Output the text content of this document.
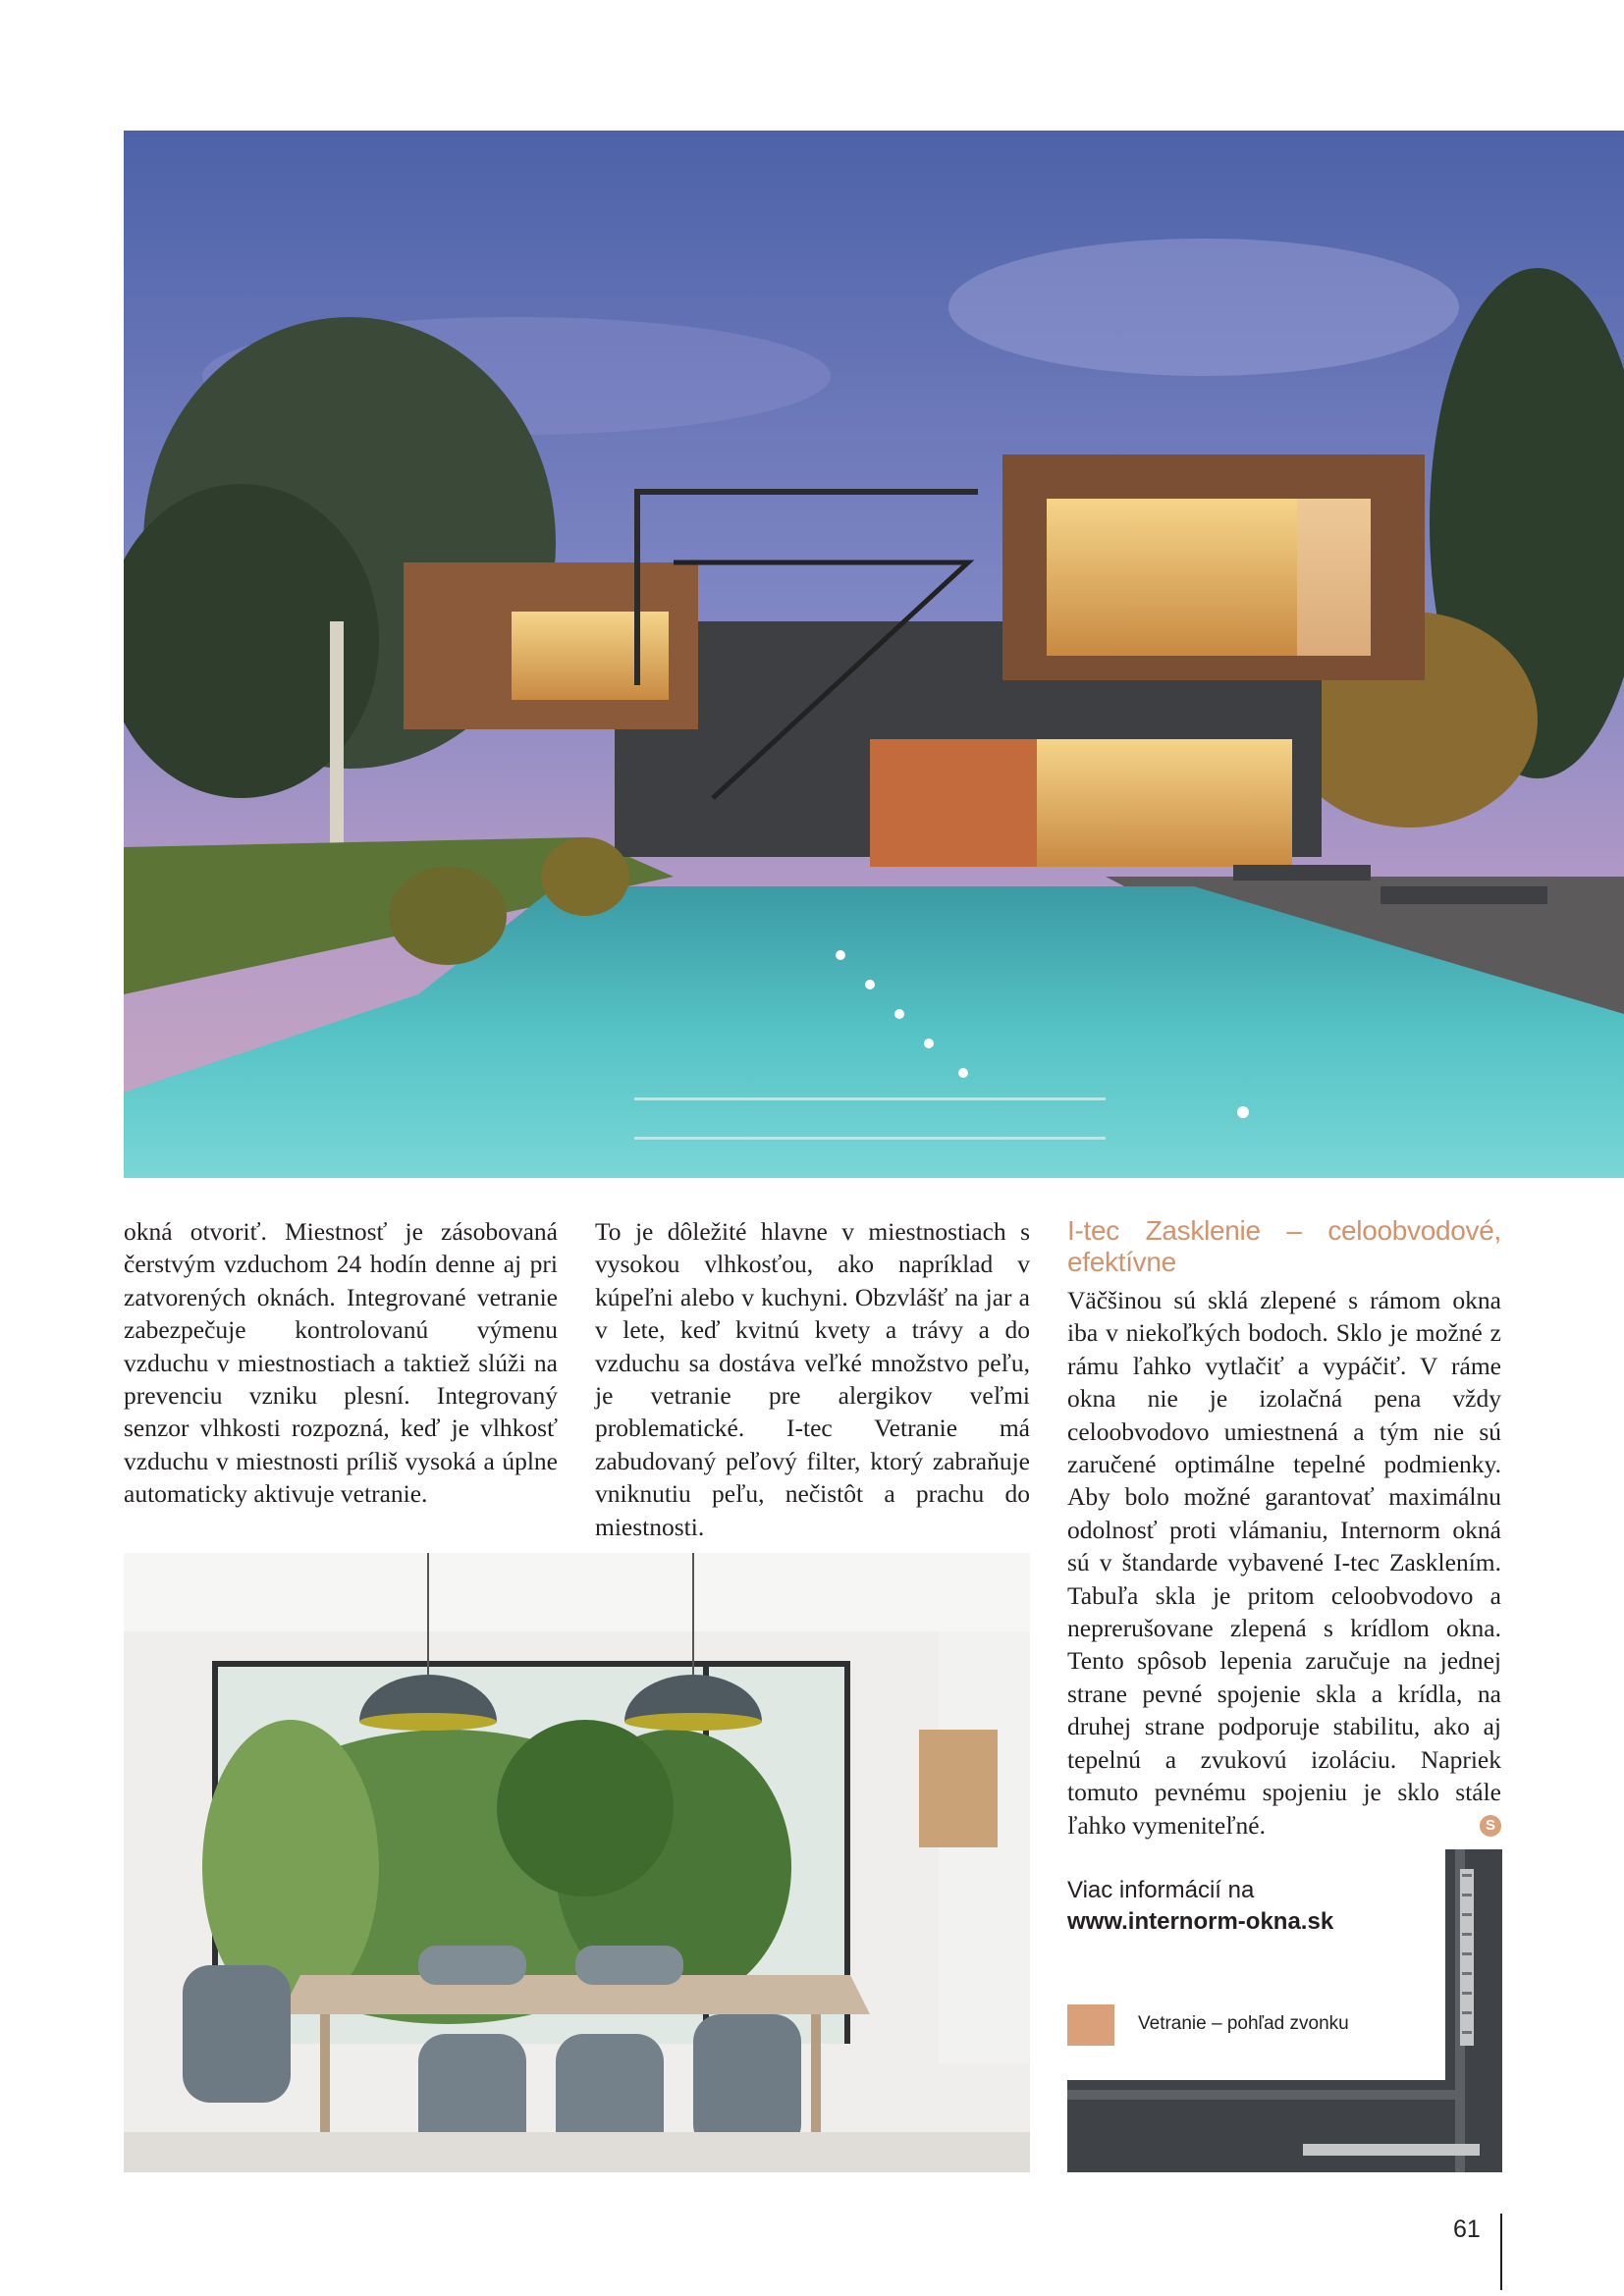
okná otvoriť. Miestnosť je zásobovaná čerstvým vzduchom 24 hodín denne aj pri zatvorených oknách. Integrované vetranie zabezpečuje kontrolovanú výmenu vzduchu v miestnostiach a taktiež slúži na prevenciu vzniku plesní. Integrovaný senzor vlhkosti rozpozná, keď je vlhkosť vzduchu v miestnosti príliš vysoká a úplne automaticky aktivuje vetranie.

To je dôležité hlavne v miestnostiach s vysokou vlhkosťou, ako napríklad v kúpeľni alebo v kuchyni. Obzvlášť na jar a v lete, keď kvitnú kvety a trávy a do vzduchu sa dostáva veľké množstvo peľu, je vetranie pre alergikov veľmi problematické. I-tec Vetranie má zabudovaný peľový filter, ktorý zabraňuje vniknutiu peľu, nečistôt a prachu do miestnosti.

I-tec Zasklenie – celoobvodové, efektívne

Väčšinou sú sklá zlepené s rámom okna iba v niekoľkých bodoch. Sklo je možné z rámu ľahko vytlačiť a vypáčiť. V ráme okna nie je izolačná pena vždy celoobvodovo umiestnená a tým nie sú zaručené optimálne tepelné podmienky. Aby bolo možné garantovať maximálnu odolnosť proti vlámaniu, Internorm okná sú v štandarde vybavené I-tec Zasklením. Tabuľa skla je pritom celoobvodovo a neprerušovane zlepená s krídlom okna. Tento spôsob lepenia zaručuje na jednej strane pevné spojenie skla a krídla, na druhej strane podporuje stabilitu, ako aj tepelnú a zvukovú izoláciu. Napriek tomuto pevnému spojeniu je sklo stále ľahko vymeniteľné.	S

Viac informácií na
www.internorm-okna.sk
Vetranie – pohľad zvonku
61
